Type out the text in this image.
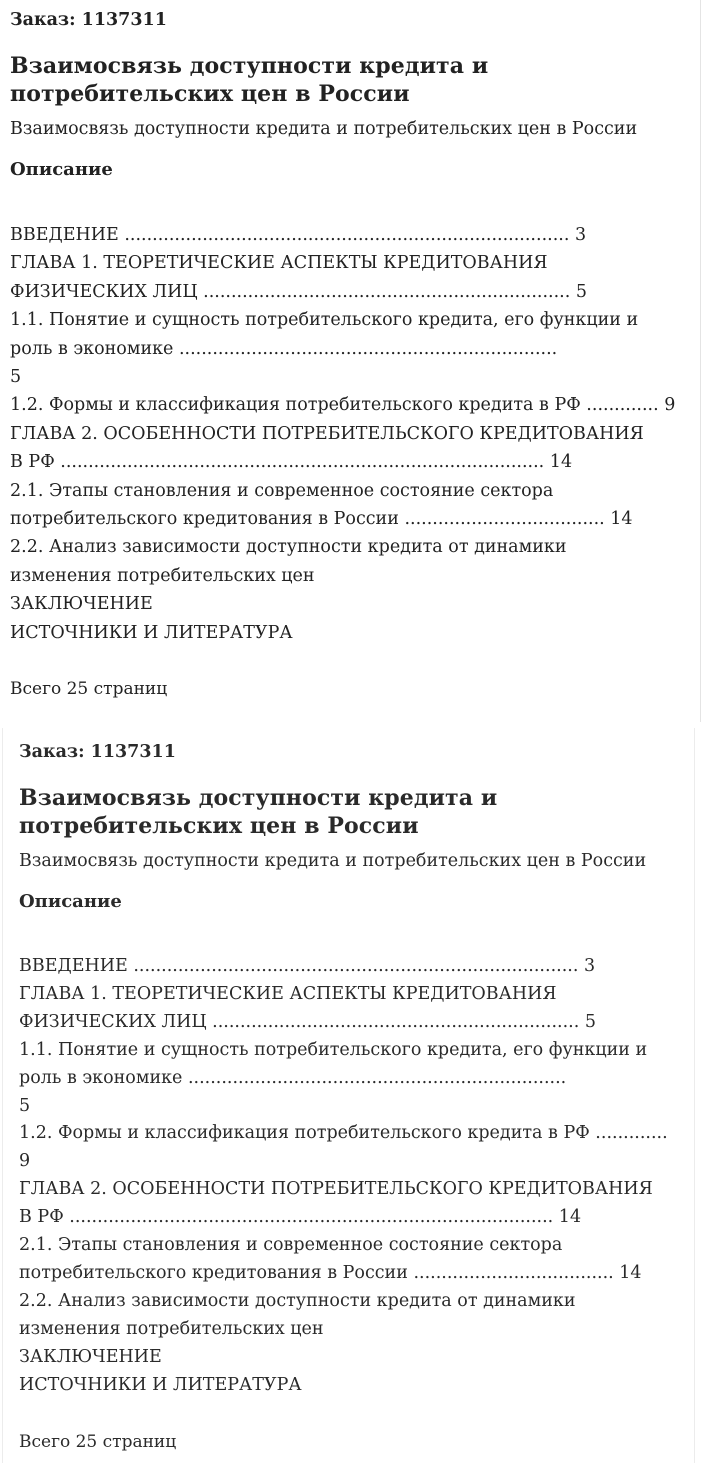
Заказ: 1137311

Взаимосвязь доступности кредита и потребительских цен в России

Взаимосвязь доступности кредита и потребительских цен в России

Описание
ВВЕДЕНИЕ ................................................................................ 3
ГЛАВА 1. ТЕОРЕТИЧЕСКИЕ АСПЕКТЫ КРЕДИТОВАНИЯ
ФИЗИЧЕСКИХ ЛИЦ .................................................................. 5
1.1. Понятие и сущность потребительского кредита, его функции и
роль в экономике ....................................................................
5
1.2. Формы и классификация потребительского кредита в РФ ............. 9
ГЛАВА 2. ОСОБЕННОСТИ ПОТРЕБИТЕЛЬСКОГО КРЕДИТОВАНИЯ
В РФ ....................................................................................... 14
2.1. Этапы становления и современное состояние сектора
потребительского кредитования в России .................................... 14
2.2. Анализ зависимости доступности кредита от динамики
изменения потребительских цен
ЗАКЛЮЧЕНИЕ
ИСТОЧНИКИ И ЛИТЕРАТУРА

Всего 25 страниц

Заказ: 1137311

Взаимосвязь доступности кредита и потребительских цен в России

Взаимосвязь доступности кредита и потребительских цен в России

Описание
ВВЕДЕНИЕ ................................................................................ 3
ГЛАВА 1. ТЕОРЕТИЧЕСКИЕ АСПЕКТЫ КРЕДИТОВАНИЯ
ФИЗИЧЕСКИХ ЛИЦ .................................................................. 5
1.1. Понятие и сущность потребительского кредита, его функции и
роль в экономике ....................................................................
5
1.2. Формы и классификация потребительского кредита в РФ ............. 9
ГЛАВА 2. ОСОБЕННОСТИ ПОТРЕБИТЕЛЬСКОГО КРЕДИТОВАНИЯ
В РФ ....................................................................................... 14
2.1. Этапы становления и современное состояние сектора
потребительского кредитования в России .................................... 14
2.2. Анализ зависимости доступности кредита от динамики
изменения потребительских цен
ЗАКЛЮЧЕНИЕ
ИСТОЧНИКИ И ЛИТЕРАТУРА

Всего 25 страниц
